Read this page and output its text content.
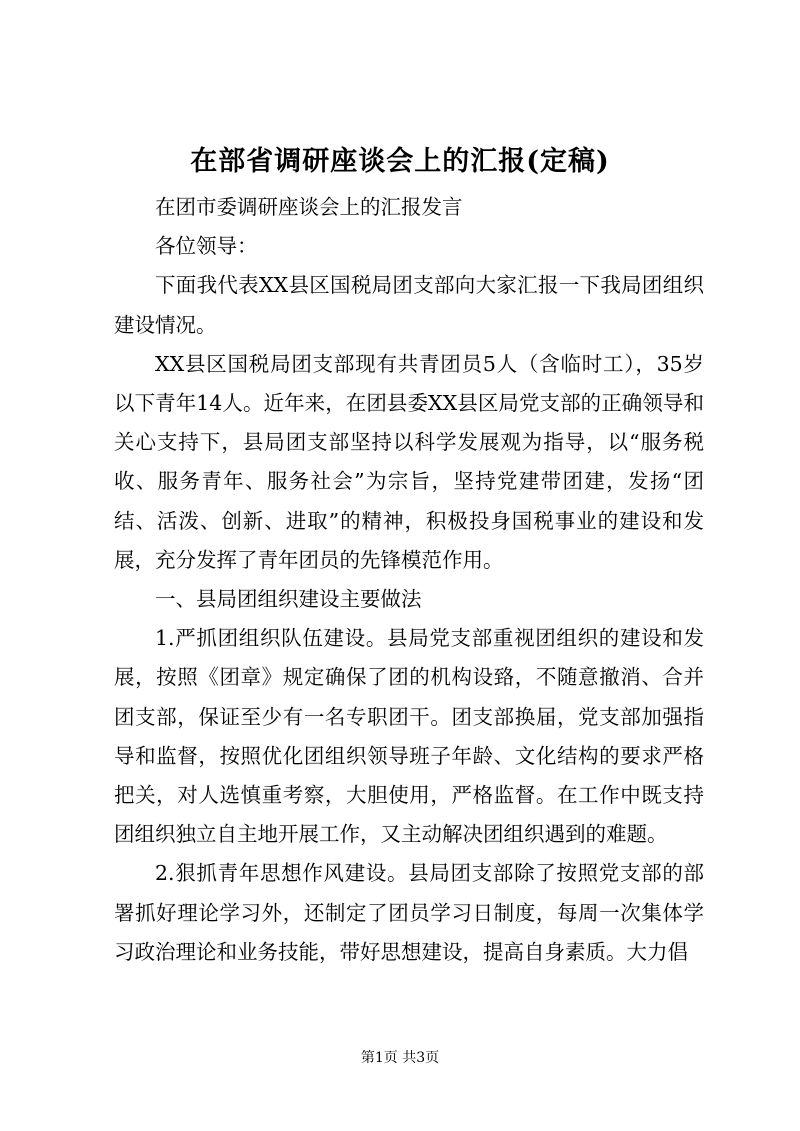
在部省调研座谈会上的汇报(定稿)

在团市委调研座谈会上的汇报发言

各位领导：

下面我代表XX县区国税局团支部向大家汇报一下我局团组织建设情况。

XX县区国税局团支部现有共青团员5人（含临时工），35岁以下青年14人。近年来，在团县委XX县区局党支部的正确领导和关心支持下，县局团支部坚持以科学发展观为指导，以“服务税收、服务青年、服务社会”为宗旨，坚持党建带团建，发扬“团结、活泼、创新、进取”的精神，积极投身国税事业的建设和发展，充分发挥了青年团员的先锋模范作用。

一、县局团组织建设主要做法

1.严抓团组织队伍建设。县局党支部重视团组织的建设和发展，按照《团章》规定确保了团的机构设臵，不随意撤消、合并团支部，保证至少有一名专职团干。团支部换届，党支部加强指导和监督，按照优化团组织领导班子年龄、文化结构的要求严格把关，对人选慎重考察，大胆使用，严格监督。在工作中既支持团组织独立自主地开展工作，又主动解决团组织遇到的难题。

2.狠抓青年思想作风建设。县局团支部除了按照党支部的部署抓好理论学习外，还制定了团员学习日制度，每周一次集体学习政治理论和业务技能，带好思想建设，提高自身素质。大力倡

第1页 共3页
